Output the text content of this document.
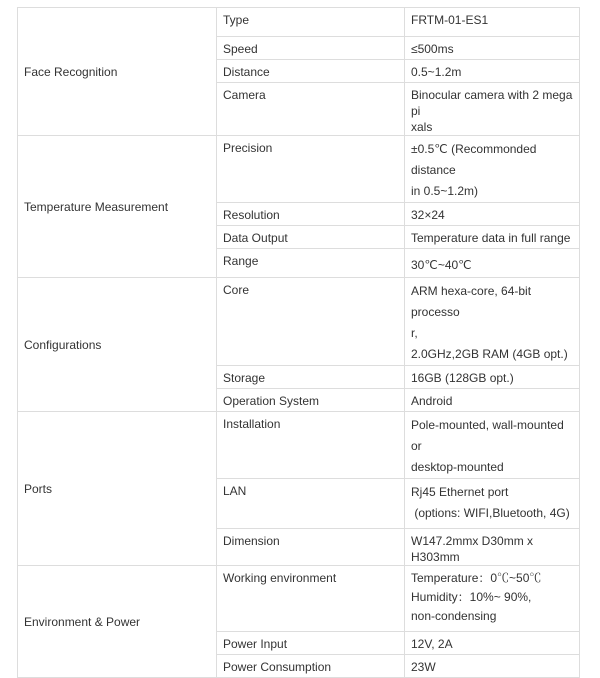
Face Recognition	Type	FRTM-01-ES1

	Speed	≤500ms

	Distance	0.5~1.2m

	Camera	Binocular camera with 2 mega pi
xals

Temperature Measurement	Precision	±0.5℃ (Recommonded distance
in 0.5~1.2m)

	Resolution	32×24

	Data Output	Temperature data in full range

	Range	30℃~40℃

Configurations	Core	ARM hexa-core, 64-bit processo
r,
2.0GHz,2GB RAM (4GB opt.)

	Storage	16GB (128GB opt.)

	Operation System	Android

Ports	Installation	Pole-mounted, wall-mounted or
desktop-mounted

	LAN	Rj45 Ethernet port
(options: WIFI,Bluetooth, 4G)

	Dimension	W147.2mmx D30mm x H303mm

Environment & Power	Working environment	Temperature：0℃~50℃
Humidity：10%~ 90%,
non-condensing

	Power Input	12V, 2A

	Power Consumption	23W
